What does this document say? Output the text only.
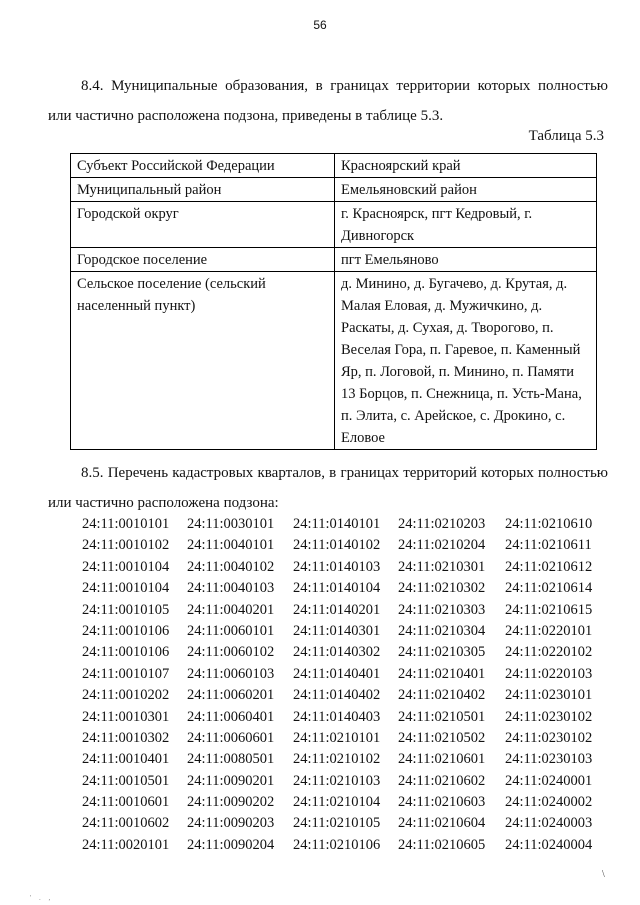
56
8.4. Муниципальные образования, в границах территории которых полностью или частично расположена подзона, приведены в таблице 5.3.
Таблица 5.3
Субъект Российской Федерации	Красноярский край
Муниципальный район	Емельяновский район
Городской округ	г. Красноярск, пгт Кедровый, г. Дивногорск
Городское поселение	пгт Емельяново
Сельское поселение (сельский населенный пункт)	д. Минино, д. Бугачево, д. Крутая, д. Малая Еловая, д. Мужичкино, д. Раскаты, д. Сухая, д. Творогово, п. Веселая Гора, п. Гаревое, п. Каменный Яр, п. Логовой, п. Минино, п. Памяти 13 Борцов, п. Снежница, п. Усть-Мана, п. Элита, с. Арейское, с. Дрокино, с. Еловое
8.5. Перечень кадастровых кварталов, в границах территорий которых полностью или частично расположена подзона:
24:11:0010101	24:11:0030101	24:11:0140101	24:11:0210203	24:11:0210610
24:11:0010102	24:11:0040101	24:11:0140102	24:11:0210204	24:11:0210611
24:11:0010104	24:11:0040102	24:11:0140103	24:11:0210301	24:11:0210612
24:11:0010104	24:11:0040103	24:11:0140104	24:11:0210302	24:11:0210614
24:11:0010105	24:11:0040201	24:11:0140201	24:11:0210303	24:11:0210615
24:11:0010106	24:11:0060101	24:11:0140301	24:11:0210304	24:11:0220101
24:11:0010106	24:11:0060102	24:11:0140302	24:11:0210305	24:11:0220102
24:11:0010107	24:11:0060103	24:11:0140401	24:11:0210401	24:11:0220103
24:11:0010202	24:11:0060201	24:11:0140402	24:11:0210402	24:11:0230101
24:11:0010301	24:11:0060401	24:11:0140403	24:11:0210501	24:11:0230102
24:11:0010302	24:11:0060601	24:11:0210101	24:11:0210502	24:11:0230102
24:11:0010401	24:11:0080501	24:11:0210102	24:11:0210601	24:11:0230103
24:11:0010501	24:11:0090201	24:11:0210103	24:11:0210602	24:11:0240001
24:11:0010601	24:11:0090202	24:11:0210104	24:11:0210603	24:11:0240002
24:11:0010602	24:11:0090203	24:11:0210105	24:11:0210604	24:11:0240003
24:11:0020101	24:11:0090204	24:11:0210106	24:11:0210605	24:11:0240004
\
' . ,
